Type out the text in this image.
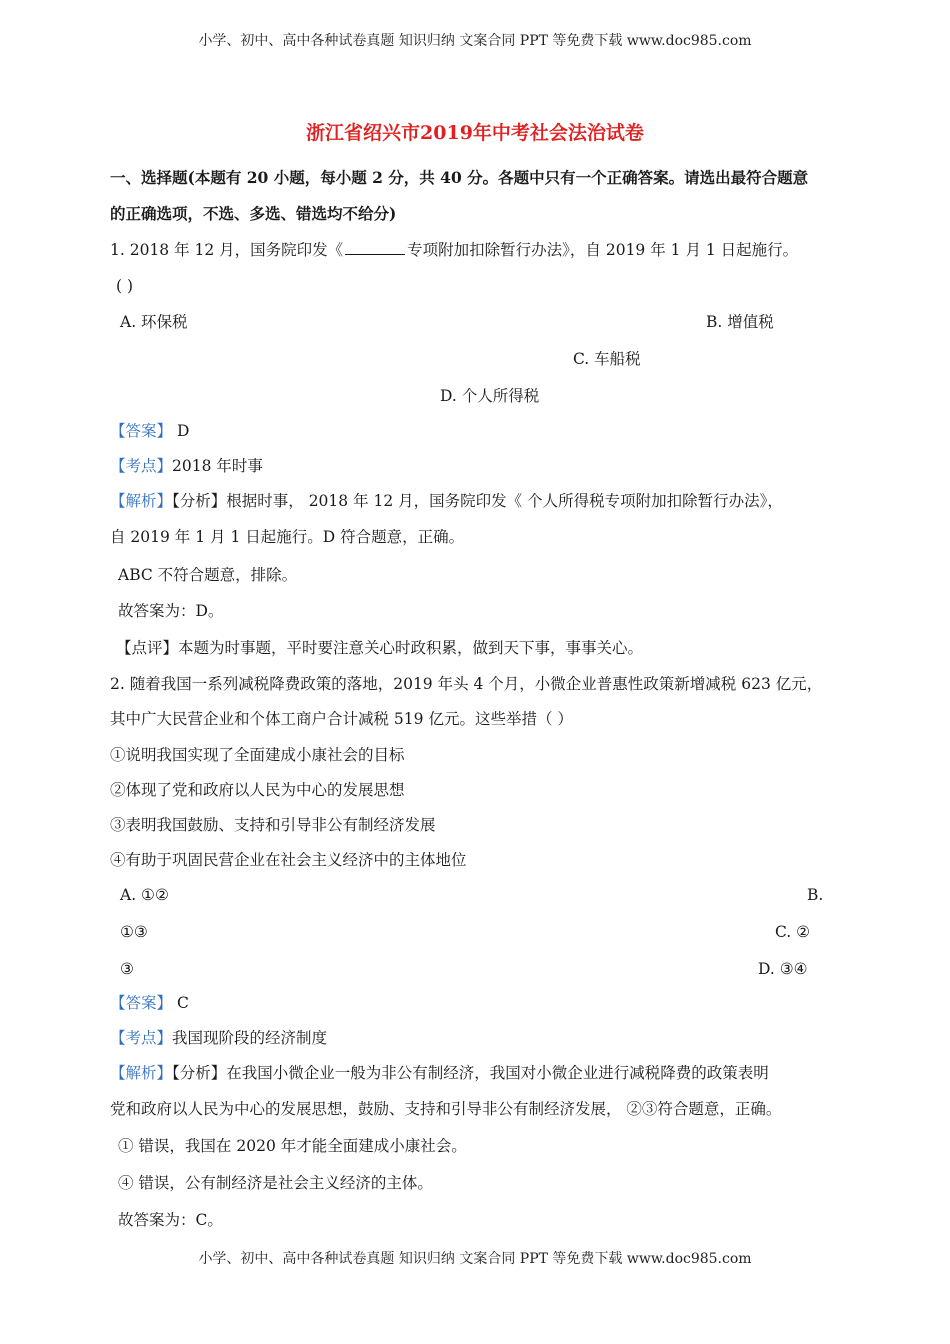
小学、初中、高中各种试卷真题 知识归纳 文案合同 PPT 等免费下载 www.doc985.com
浙江省绍兴市2019年中考社会法治试卷
一、选择题(本题有 20 小题，每小题 2 分，共 40 分。各题中只有一个正确答案。请选出最符合题意
的正确选项，不选、多选、错选均不给分)
1. 2018 年 12 月，国务院印发《	专项附加扣除暂行办法》，自 2019 年 1 月 1 日起施行。
( )
A. 环保税	B. 增值税
C. 车船税
D. 个人所得税
【答案】 D
【考点】2018 年时事
【解析】【分析】根据时事， 2018 年 12 月，国务院印发《 个人所得税专项附加扣除暂行办法》，
自 2019 年 1 月 1 日起施行。D 符合题意，正确。
ABC 不符合题意，排除。
故答案为：D。
【点评】本题为时事题，平时要注意关心时政积累，做到天下事，事事关心。
2. 随着我国一系列减税降费政策的落地，2019 年头 4 个月，小微企业普惠性政策新增减税 623 亿元，
其中广大民营企业和个体工商户合计减税 519 亿元。这些举措（ ）
①说明我国实现了全面建成小康社会的目标
②体现了党和政府以人民为中心的发展思想
③表明我国鼓励、支持和引导非公有制经济发展
④有助于巩固民营企业在社会主义经济中的主体地位
A. ①②	B.
①③	C. ②
③	D. ③④
【答案】 C
【考点】我国现阶段的经济制度
【解析】【分析】在我国小微企业一般为非公有制经济，我国对小微企业进行减税降费的政策表明
党和政府以人民为中心的发展思想，鼓励、支持和引导非公有制经济发展， ②③符合题意，正确。
① 错误，我国在 2020 年才能全面建成小康社会。
④ 错误，公有制经济是社会主义经济的主体。
故答案为：C。
小学、初中、高中各种试卷真题 知识归纳 文案合同 PPT 等免费下载 www.doc985.com
